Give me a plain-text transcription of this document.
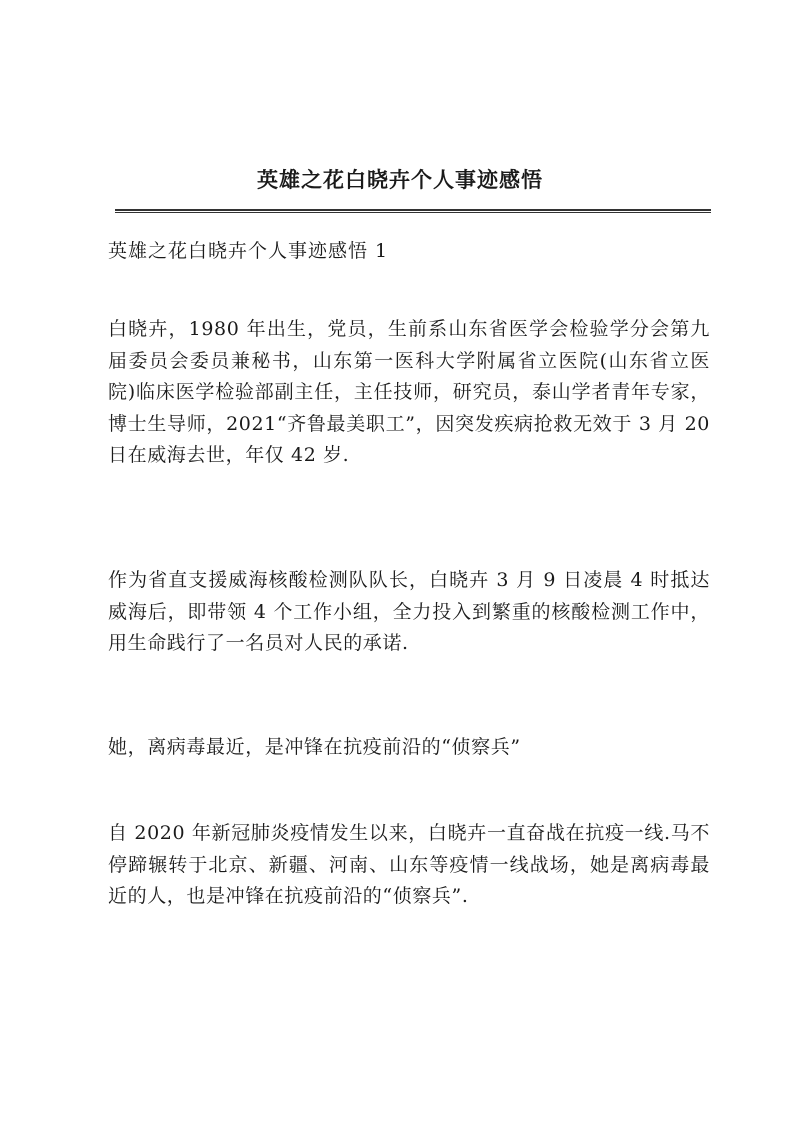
英雄之花白晓卉个人事迹感悟
英雄之花白晓卉个人事迹感悟 1

白晓卉，1980 年出生，党员，生前系山东省医学会检验学分会第九届委员会委员兼秘书，山东第一医科大学附属省立医院(山东省立医院)临床医学检验部副主任，主任技师，研究员，泰山学者青年专家，博士生导师，2021“齐鲁最美职工”，因突发疾病抢救无效于 3 月 20 日在威海去世，年仅 42 岁.

作为省直支援威海核酸检测队队长，白晓卉 3 月 9 日凌晨 4 时抵达威海后，即带领 4 个工作小组，全力投入到繁重的核酸检测工作中，用生命践行了一名员对人民的承诺.

她，离病毒最近，是冲锋在抗疫前沿的“侦察兵”

自 2020 年新冠肺炎疫情发生以来，白晓卉一直奋战在抗疫一线.马不停蹄辗转于北京、新疆、河南、山东等疫情一线战场，她是离病毒最近的人，也是冲锋在抗疫前沿的“侦察兵”.
